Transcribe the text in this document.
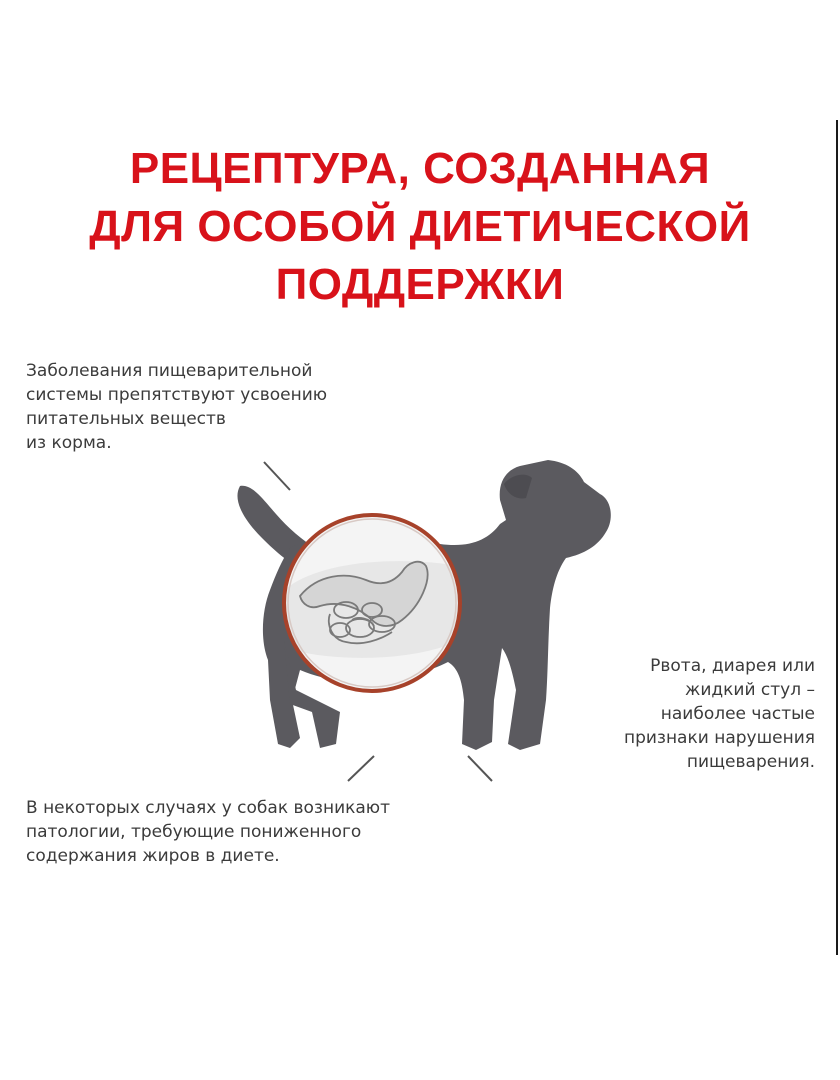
РЕЦЕПТУРА, СОЗДАННАЯ
ДЛЯ ОСОБОЙ ДИЕТИЧЕСКОЙ
ПОДДЕРЖКИ
Заболевания пищеварительной
системы препятствуют усвоению
питательных веществ
из корма.
Рвота, диарея или
жидкий стул –
наиболее частые
признаки нарушения
пищеварения.
В некоторых случаях у собак возникают
патологии, требующие пониженного
содержания жиров в диете.
